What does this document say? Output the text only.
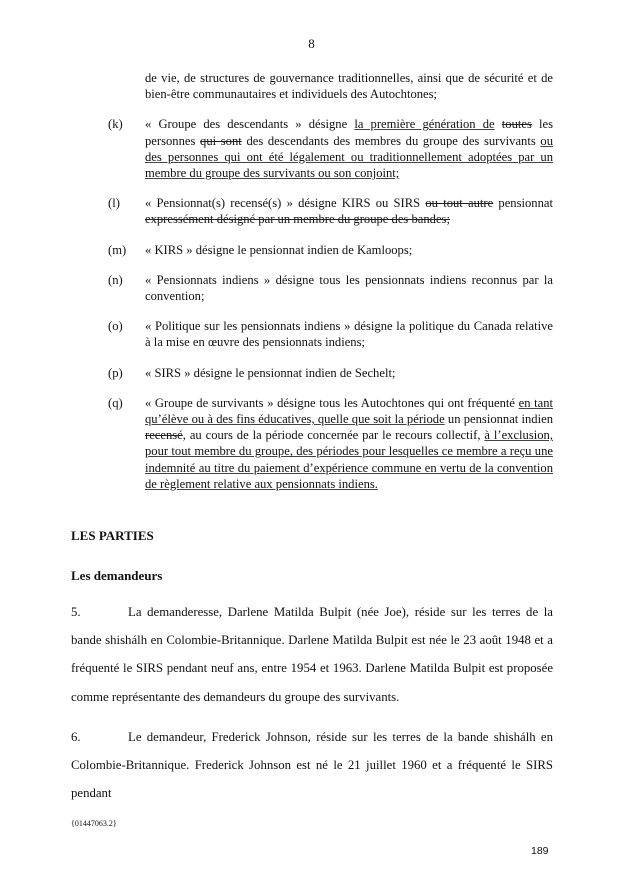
8
de vie, de structures de gouvernance traditionnelles, ainsi que de sécurité et de bien-être communautaires et individuels des Autochtones;
(k) « Groupe des descendants » désigne la première génération de toutes les personnes qui sont des descendants des membres du groupe des survivants ou des personnes qui ont été légalement ou traditionnellement adoptées par un membre du groupe des survivants ou son conjoint;
(l) « Pensionnat(s) recensé(s) » désigne KIRS ou SIRS ou tout autre pensionnat expressément désigné par un membre du groupe des bandes;
(m) « KIRS » désigne le pensionnat indien de Kamloops;
(n) « Pensionnats indiens » désigne tous les pensionnats indiens reconnus par la convention;
(o) « Politique sur les pensionnats indiens » désigne la politique du Canada relative à la mise en œuvre des pensionnats indiens;
(p) « SIRS » désigne le pensionnat indien de Sechelt;
(q) « Groupe de survivants » désigne tous les Autochtones qui ont fréquenté en tant qu’élève ou à des fins éducatives, quelle que soit la période un pensionnat indien recensé, au cours de la période concernée par le recours collectif, à l’exclusion, pour tout membre du groupe, des périodes pour lesquelles ce membre a reçu une indemnité au titre du paiement d’expérience commune en vertu de la convention de règlement relative aux pensionnats indiens.
LES PARTIES
Les demandeurs
5.	La demanderesse, Darlene Matilda Bulpit (née Joe), réside sur les terres de la bande shishálh en Colombie-Britannique. Darlene Matilda Bulpit est née le 23 août 1948 et a fréquenté le SIRS pendant neuf ans, entre 1954 et 1963. Darlene Matilda Bulpit est proposée comme représentante des demandeurs du groupe des survivants.
6.	Le demandeur, Frederick Johnson, réside sur les terres de la bande shishálh en Colombie-Britannique. Frederick Johnson est né le 21 juillet 1960 et a fréquenté le SIRS pendant
{01447063.2}
189
